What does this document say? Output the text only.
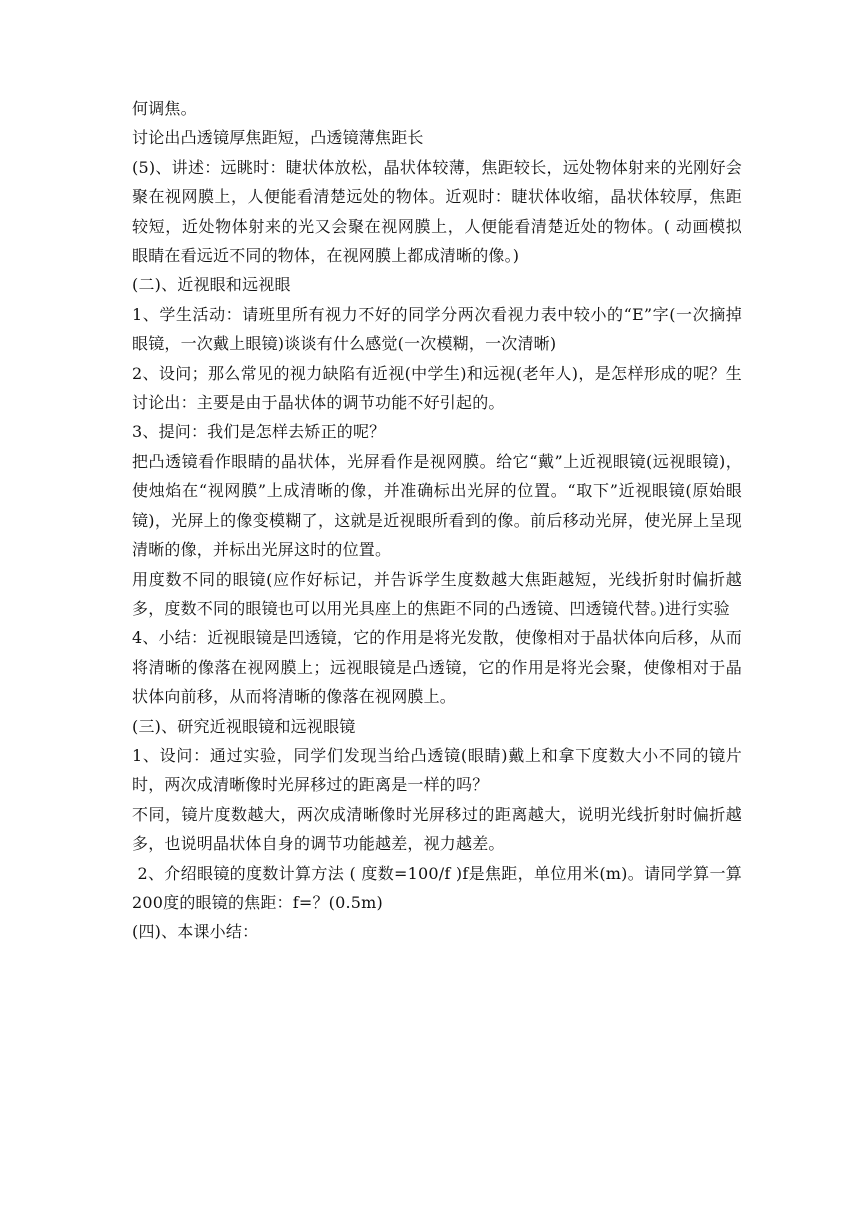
何调焦。

讨论出凸透镜厚焦距短，凸透镜薄焦距长

(5)、讲述：远眺时：睫状体放松，晶状体较薄，焦距较长，远处物体射来的光刚好会聚在视网膜上，人便能看清楚远处的物体。近观时：睫状体收缩，晶状体较厚，焦距较短，近处物体射来的光又会聚在视网膜上，人便能看清楚近处的物体。( 动画模拟眼睛在看远近不同的物体，在视网膜上都成清晰的像。)

(二)、近视眼和远视眼

1、学生活动：请班里所有视力不好的同学分两次看视力表中较小的“E”字(一次摘掉眼镜，一次戴上眼镜)谈谈有什么感觉(一次模糊，一次清晰)

2、设问；那么常见的视力缺陷有近视(中学生)和远视(老年人)，是怎样形成的呢？生讨论出：主要是由于晶状体的调节功能不好引起的。

3、提问：我们是怎样去矫正的呢？

把凸透镜看作眼睛的晶状体，光屏看作是视网膜。给它“戴”上近视眼镜(远视眼镜)，使烛焰在“视网膜”上成清晰的像，并准确标出光屏的位置。“取下”近视眼镜(原始眼镜)，光屏上的像变模糊了，这就是近视眼所看到的像。前后移动光屏，使光屏上呈现清晰的像，并标出光屏这时的位置。

用度数不同的眼镜(应作好标记，并告诉学生度数越大焦距越短，光线折射时偏折越多，度数不同的眼镜也可以用光具座上的焦距不同的凸透镜、凹透镜代替。)进行实验

4、小结：近视眼镜是凹透镜，它的作用是将光发散，使像相对于晶状体向后移，从而将清晰的像落在视网膜上；远视眼镜是凸透镜，它的作用是将光会聚，使像相对于晶状体向前移，从而将清晰的像落在视网膜上。

(三)、研究近视眼镜和远视眼镜

1、设问：通过实验，同学们发现当给凸透镜(眼睛)戴上和拿下度数大小不同的镜片时，两次成清晰像时光屏移过的距离是一样的吗？

不同，镜片度数越大，两次成清晰像时光屏移过的距离越大，说明光线折射时偏折越多，也说明晶状体自身的调节功能越差，视力越差。

2、介绍眼镜的度数计算方法 ( 度数=100/f )f是焦距，单位用米(m)。请同学算一算200度的眼镜的焦距：f=？(0.5m)

(四)、本课小结：
